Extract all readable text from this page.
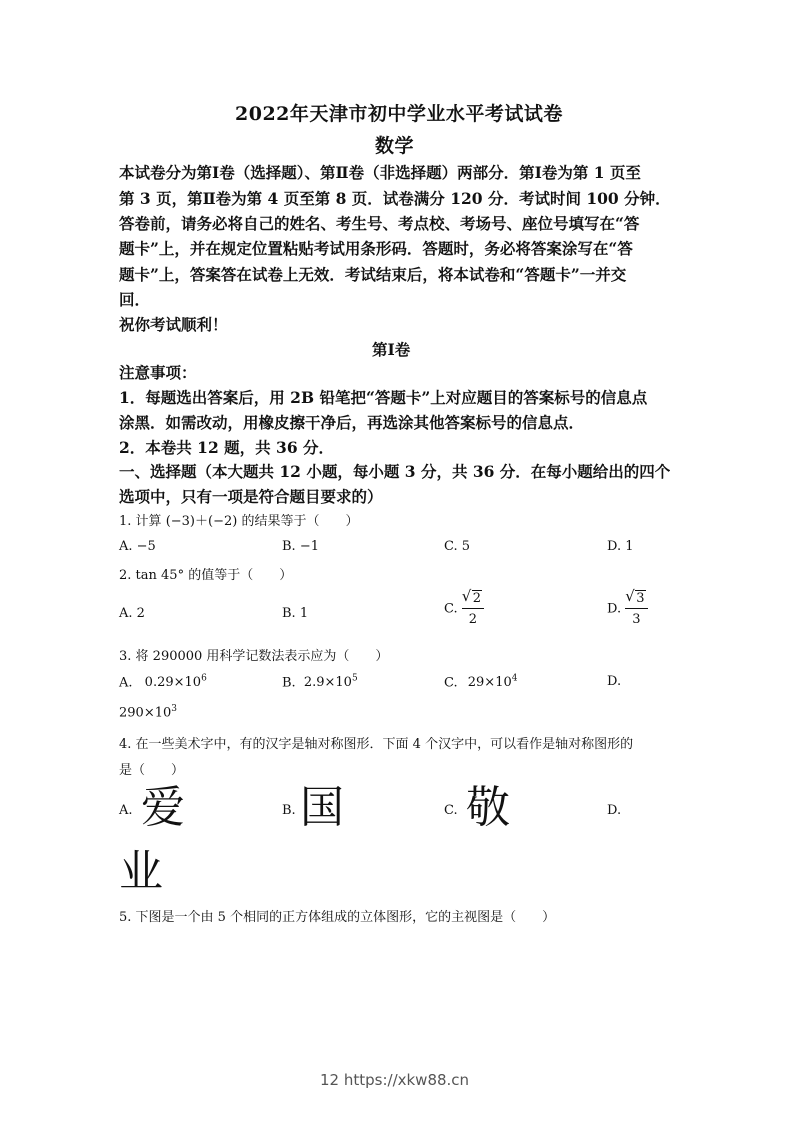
2022年天津市初中学业水平考试试卷
数学
本试卷分为第Ⅰ卷（选择题）、第Ⅱ卷（非选择题）两部分．第Ⅰ卷为第 1 页至
第 3 页，第Ⅱ卷为第 4 页至第 8 页．试卷满分 120 分．考试时间 100 分钟．
答卷前，请务必将自己的姓名、考生号、考点校、考场号、座位号填写在“答
题卡”上，并在规定位置粘贴考试用条形码．答题时，务必将答案涂写在“答
题卡”上，答案答在试卷上无效．考试结束后，将本试卷和“答题卡”一并交
回．
祝你考试顺利！
第Ⅰ卷
注意事项：
1．每题选出答案后，用 2B 铅笔把“答题卡”上对应题目的答案标号的信息点
涂黑．如需改动，用橡皮擦干净后，再选涂其他答案标号的信息点．
2．本卷共 12 题，共 36 分．
一、选择题（本大题共 12 小题，每小题 3 分，共 36 分．在每小题给出的四个
选项中，只有一项是符合题目要求的）
1. 计算 (−3)＋(−2) 的结果等于（　　）
A. −5	B. −1	C. 5	D. 1
2. tan 45° 的值等于（　　）
A. 2	B. 1	C. √ $\frac{2}{2}$	D. √ $\frac{3}{3}$
3. 将 290000 用科学记数法表示应为（　　）
A. $0.29\times 10^6$	B. $2.9\times 10^5$	C. $29\times 10^4$	D.
$290\times 10^3$
4. 在一些美术字中，有的汉字是轴对称图形．下面 4 个汉字中，可以看作是轴对称图形的
是（　　）
A. 爱	B. 国	C. 敬	D.
业
5. 下图是一个由 5 个相同的正方体组成的立体图形，它的主视图是（　　）
12 https://xkw88.cn
